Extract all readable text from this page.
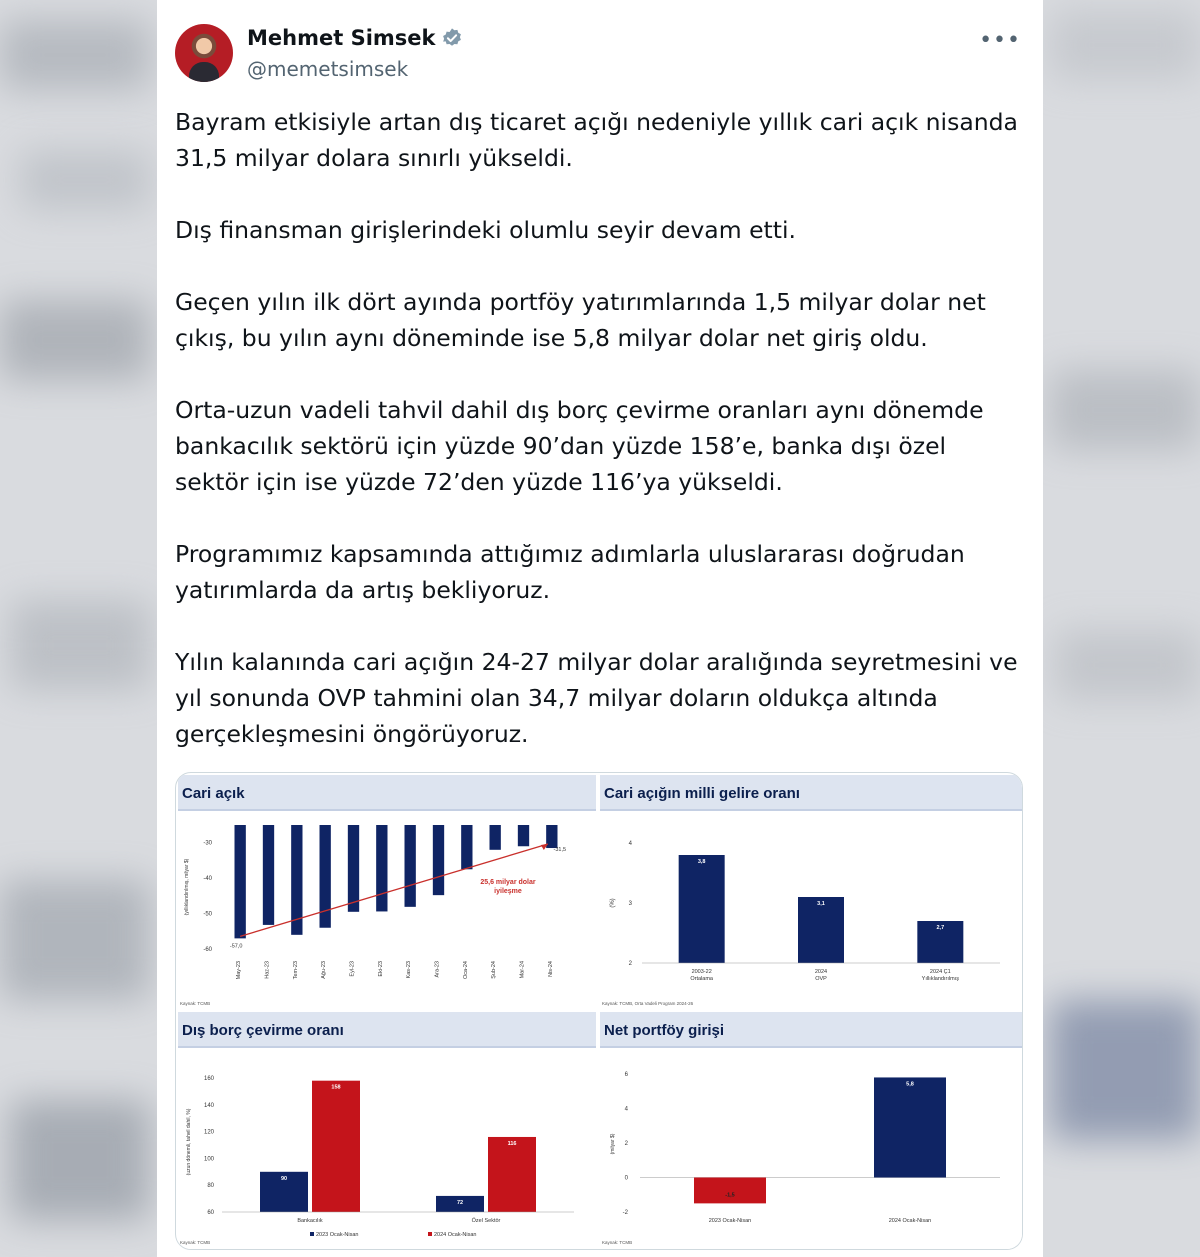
Mehmet Simsek
@memetsimsek
•••

Bayram etkisiyle artan dış ticaret açığı nedeniyle yıllık cari açık nisanda 31,5 milyar dolara sınırlı yükseldi.

Dış finansman girişlerindeki olumlu seyir devam etti.

Geçen yılın ilk dört ayında portföy yatırımlarında 1,5 milyar dolar net çıkış, bu yılın aynı döneminde ise 5,8 milyar dolar net giriş oldu.

Orta-uzun vadeli tahvil dahil dış borç çevirme oranları aynı dönemde bankacılık sektörü için yüzde 90’dan yüzde 158’e, banka dışı özel sektör için ise yüzde 72’den yüzde 116’ya yükseldi.

Programımız kapsamında attığımız adımlarla uluslararası doğrudan yatırımlarda da artış bekliyoruz.

Yılın kalanında cari açığın 24-27 milyar dolar aralığında seyretmesini ve yıl sonunda OVP tahmini olan 34,7 milyar doların oldukça altında gerçekleşmesini öngörüyoruz.

Cari açık
-30
-40
-50
-60
(yıllıklandırılmış, milyar $)
May-23	Haz-23	Tem-23	Ağu-23	Eyl-23	Eki-23	Kas-23	Ara-23	Oca-24	Şub-24	Mar-24	Nis-24
-57,0
-31,5
25,6 milyar dolar
iyileşme
Kaynak: TCMB
Cari açığın milli gelire oranı
4
3
2
(%)
3,8
2003-22
Ortalama
3,1
2024
OVP
2,7
2024 Ç1
Yıllıklandırılmış
Kaynak: TCMB, Orta Vadeli Program 2024-26
Dış borç çevirme oranı
160
140
120
100
80
60
(uzun dönemli, tahvil dahil, %)
90
158
Bankacılık
72
116
Özel Sektör
2023 Ocak-Nisan	2024 Ocak-Nisan
Kaynak: TCMB
Net portföy girişi
6
4
2
0
-2
(milyar $)
-1,5
2023 Ocak-Nisan
5,8
2024 Ocak-Nisan
Kaynak: TCMB
